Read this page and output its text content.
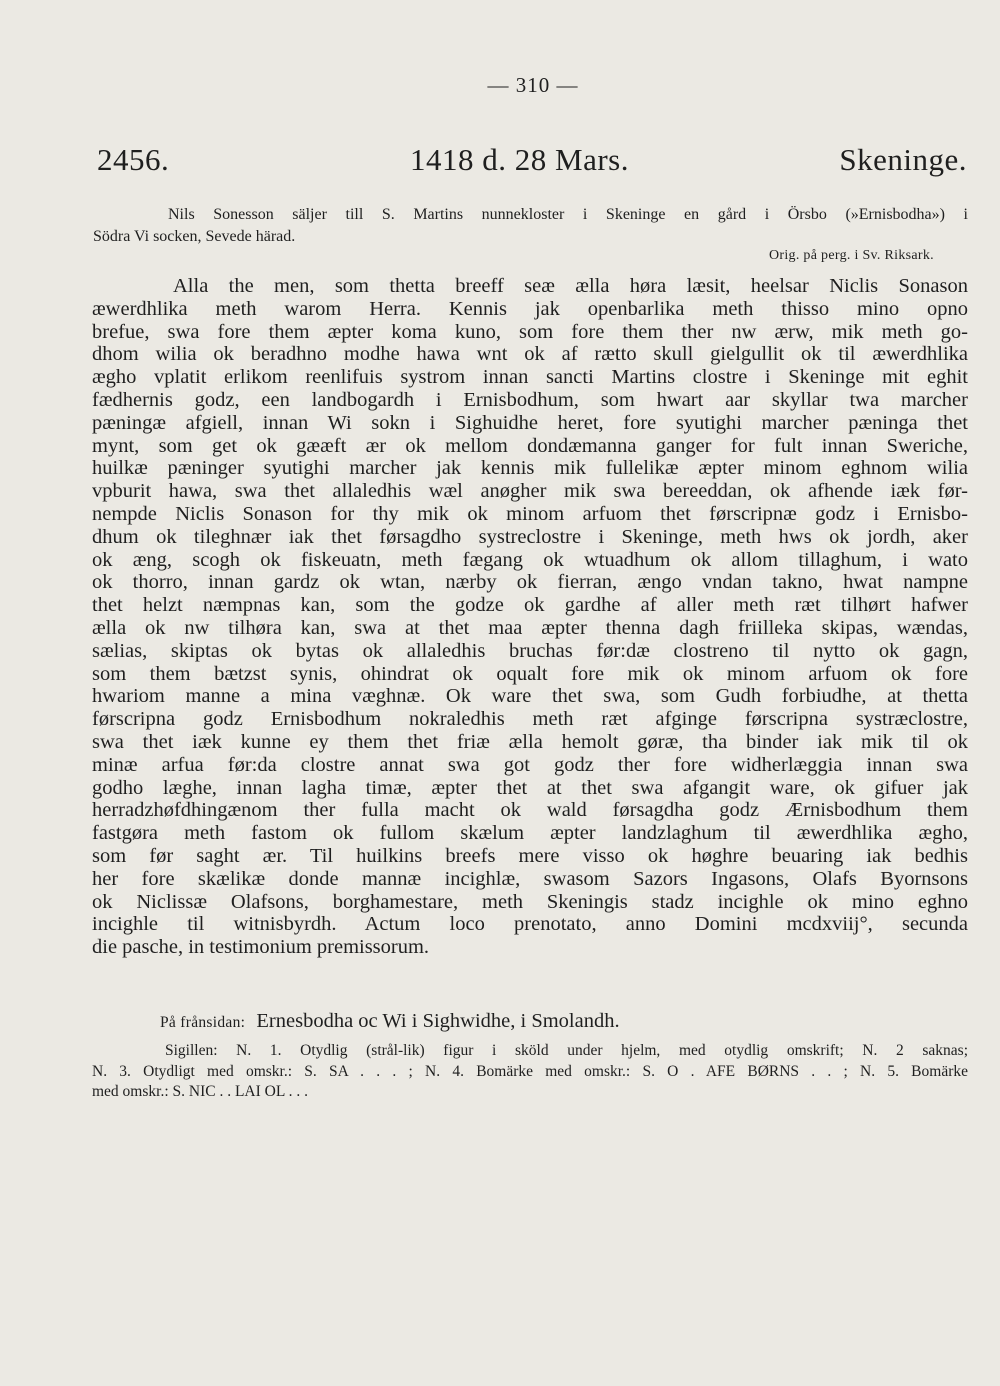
— 310 —
2456.	1418 d. 28 Mars.	Skeninge.
Nils Sonesson säljer till S. Martins nunnekloster i Skeninge en gård i Örsbo (»Ernisbodha») i
Södra Vi socken, Sevede härad.
Orig. på perg. i Sv. Riksark.
Alla the men, som thetta breeff seæ ælla høra læsit, heelsar Niclis Sonason
æwerdhlika meth warom Herra. Kennis jak openbarlika meth thisso mino opno
brefue, swa fore them æpter koma kuno, som fore them ther nw ærw, mik meth go-
dhom wilia ok beradhno modhe hawa wnt ok af rætto skull gielgullit ok til æwerdhlika
ægho vplatit erlikom reenlifuis systrom innan sancti Martins clostre i Skeninge mit eghit
fædhernis godz, een landbogardh i Ernisbodhum, som hwart aar skyllar twa marcher
pæningæ afgiell, innan Wi sokn i Sighuidhe heret, fore syutighi marcher pæninga thet
mynt, som get ok gææft ær ok mellom dondæmanna ganger for fult innan Sweriche,
huilkæ pæninger syutighi marcher jak kennis mik fullelikæ æpter minom eghnom wilia
vpburit hawa, swa thet allaledhis wæl anøgher mik swa bereeddan, ok afhende iæk før-
nempde Niclis Sonason for thy mik ok minom arfuom thet førscripnæ godz i Ernisbo-
dhum ok tileghnær iak thet førsagdho systreclostre i Skeninge, meth hws ok jordh, aker
ok æng, scogh ok fiskeuatn, meth fægang ok wtuadhum ok allom tillaghum, i wato
ok thorro, innan gardz ok wtan, nærby ok fierran, ængo vndan takno, hwat nampne
thet helzt næmpnas kan, som the godze ok gardhe af aller meth ræt tilhørt hafwer
ælla ok nw tilhøra kan, swa at thet maa æpter thenna dagh friilleka skipas, wændas,
sælias, skiptas ok bytas ok allaledhis bruchas før:dæ clostreno til nytto ok gagn,
som them bætzst synis, ohindrat ok oqualt fore mik ok minom arfuom ok fore
hwariom manne a mina væghnæ. Ok ware thet swa, som Gudh forbiudhe, at thetta
førscripna godz Ernisbodhum nokraledhis meth ræt afginge førscripna systræclostre,
swa thet iæk kunne ey them thet friæ ælla hemolt gøræ, tha binder iak mik til ok
minæ arfua før:da clostre annat swa got godz ther fore widherlæggia innan swa
godho læghe, innan lagha timæ, æpter thet at thet swa afgangit ware, ok gifuer jak
herradzhøfdhingænom ther fulla macht ok wald førsagdha godz Ærnisbodhum them
fastgøra meth fastom ok fullom skælum æpter landzlaghum til æwerdhlika ægho,
som før saght ær. Til huilkins breefs mere visso ok høghre beuaring iak bedhis
her fore skælikæ donde mannæ incighlæ, swasom Sazors Ingasons, Olafs Byornsons
ok Niclissæ Olafsons, borghamestare, meth Skeningis stadz incighle ok mino eghno
incighle til witnisbyrdh. Actum loco prenotato, anno Domini mcdxviij°, secunda
die pasche, in testimonium premissorum.
På frånsidan: Ernesbodha oc Wi i Sighwidhe, i Smolandh.
Sigillen: N. 1. Otydlig (strål-lik) figur i sköld under hjelm, med otydlig omskrift; N. 2 saknas;
N. 3. Otydligt med omskr.: S. SA . . . ; N. 4. Bomärke med omskr.: S. O . AFE BØRNS . . ; N. 5. Bomärke
med omskr.: S. NIC . . LAI OL . . .
